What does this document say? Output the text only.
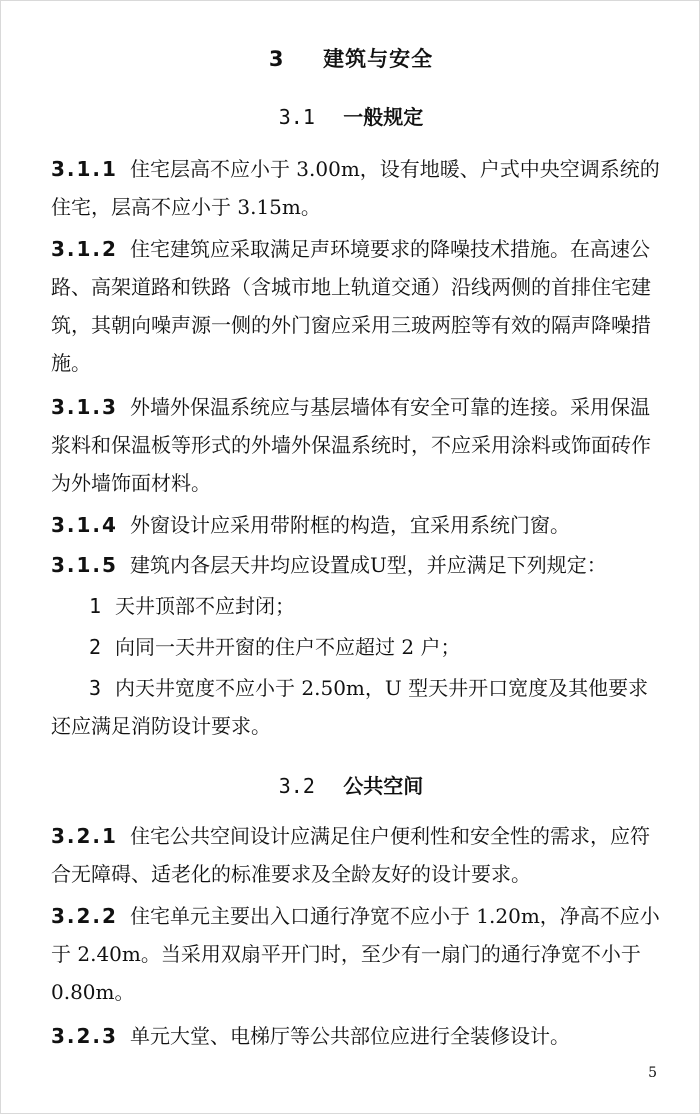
3 建筑与安全
3.1 一般规定
3.1.1 住宅层高不应小于 3.00m，设有地暖、户式中央空调系统的住宅，层高不应小于 3.15m。
3.1.2 住宅建筑应采取满足声环境要求的降噪技术措施。在高速公路、高架道路和铁路（含城市地上轨道交通）沿线两侧的首排住宅建筑，其朝向噪声源一侧的外门窗应采用三玻两腔等有效的隔声降噪措施。
3.1.3 外墙外保温系统应与基层墙体有安全可靠的连接。采用保温浆料和保温板等形式的外墙外保温系统时，不应采用涂料或饰面砖作为外墙饰面材料。
3.1.4 外窗设计应采用带附框的构造，宜采用系统门窗。
3.1.5 建筑内各层天井均应设置成U型，并应满足下列规定：
1 天井顶部不应封闭；
2 向同一天井开窗的住户不应超过 2 户；
3 内天井宽度不应小于 2.50m，U 型天井开口宽度及其他要求还应满足消防设计要求。
3.2 公共空间
3.2.1 住宅公共空间设计应满足住户便利性和安全性的需求，应符合无障碍、适老化的标准要求及全龄友好的设计要求。
3.2.2 住宅单元主要出入口通行净宽不应小于 1.20m，净高不应小于 2.40m。当采用双扇平开门时，至少有一扇门的通行净宽不小于 0.80m。
3.2.3 单元大堂、电梯厅等公共部位应进行全装修设计。
5
